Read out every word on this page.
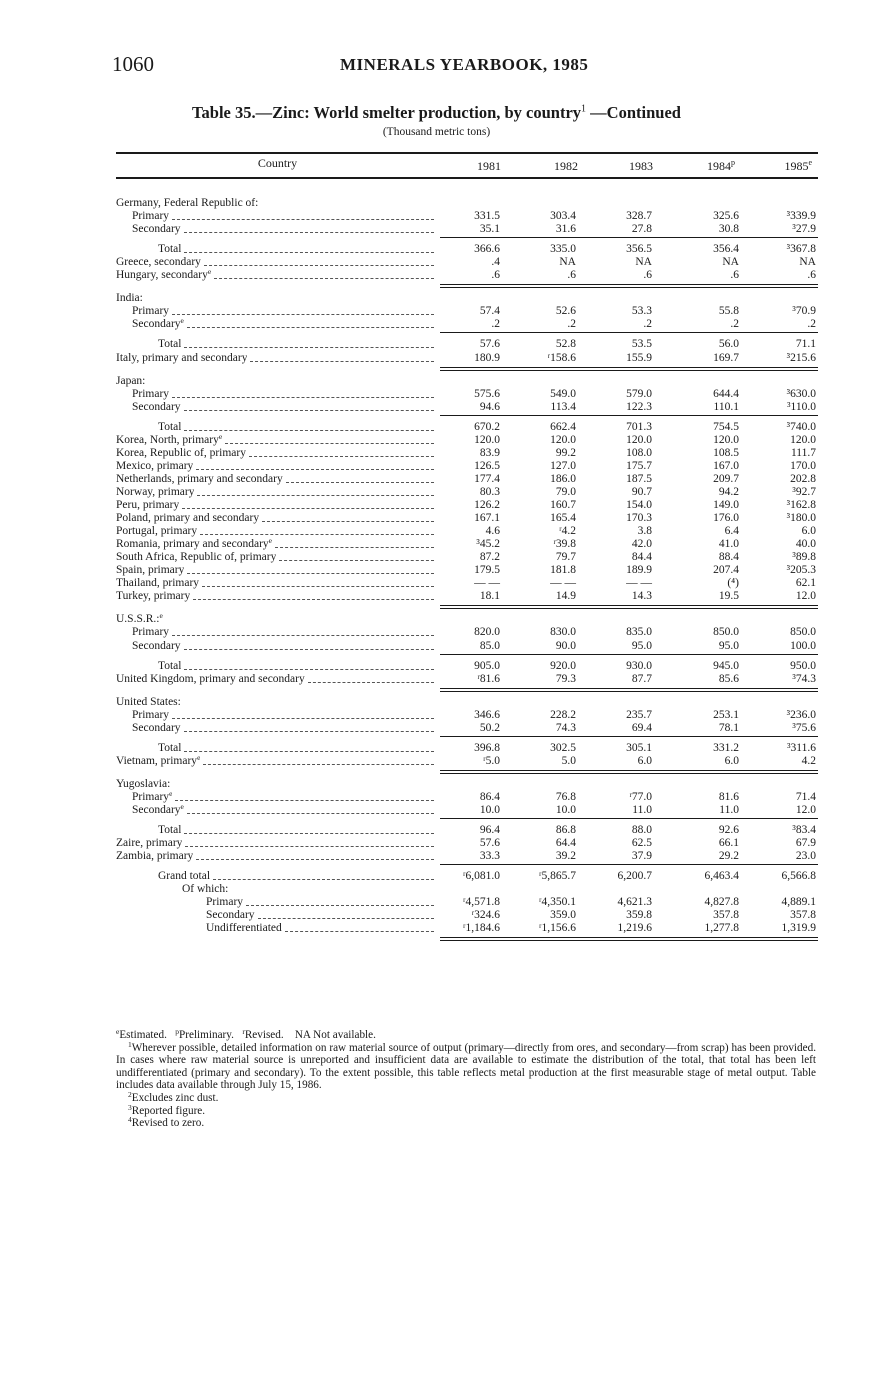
1060	MINERALS YEARBOOK, 1985
Table 35.—Zinc: World smelter production, by country$^1$ —Continued
(Thousand metric tons)
Country	1981	1982	1983	1984$^p$	1985e
Germany, Federal Republic of:
Primary	331.5	303.4	328.7	325.6	³339.9
Secondary	35.1	31.6	27.8	30.8	³27.9
Total	366.6	335.0	356.5	356.4	³367.8
Greece, secondary	.4	NA	NA	NA	NA
Hungary, secondary$^e$	.6	.6	.6	.6	.6
India:
Primary	57.4	52.6	53.3	55.8	³70.9
Secondary$^e$	.2	.2	.2	.2	.2
Total	57.6	52.8	53.5	56.0	71.1
Italy, primary and secondary	180.9	ʳ158.6	155.9	169.7	³215.6
Japan:
Primary	575.6	549.0	579.0	644.4	³630.0
Secondary	94.6	113.4	122.3	110.1	³110.0
Total	670.2	662.4	701.3	754.5	³740.0
Korea, North, primary$^e$	120.0	120.0	120.0	120.0	120.0
Korea, Republic of, primary	83.9	99.2	108.0	108.5	111.7
Mexico, primary	126.5	127.0	175.7	167.0	170.0
Netherlands, primary and secondary	177.4	186.0	187.5	209.7	202.8
Norway, primary	80.3	79.0	90.7	94.2	³92.7
Peru, primary	126.2	160.7	154.0	149.0	³162.8
Poland, primary and secondary	167.1	165.4	170.3	176.0	³180.0
Portugal, primary	4.6	ʳ4.2	3.8	6.4	6.0
Romania, primary and secondary$^e$	³45.2	ʳ39.8	42.0	41.0	40.0
South Africa, Republic of, primary	87.2	79.7	84.4	88.4	³89.8
Spain, primary	179.5	181.8	189.9	207.4	³205.3
Thailand, primary	— —	— —	— —	(⁴)	62.1
Turkey, primary	18.1	14.9	14.3	19.5	12.0
U.S.S.R.:$^e$
Primary	820.0	830.0	835.0	850.0	850.0
Secondary	85.0	90.0	95.0	95.0	100.0
Total	905.0	920.0	930.0	945.0	950.0
United Kingdom, primary and secondary	ʳ81.6	79.3	87.7	85.6	³74.3
United States:
Primary	346.6	228.2	235.7	253.1	³236.0
Secondary	50.2	74.3	69.4	78.1	³75.6
Total	396.8	302.5	305.1	331.2	³311.6
Vietnam, primary$^e$	ʳ5.0	5.0	6.0	6.0	4.2
Yugoslavia:
Primary$^e$	86.4	76.8	ʳ77.0	81.6	71.4
Secondary$^e$	10.0	10.0	11.0	11.0	12.0
Total	96.4	86.8	88.0	92.6	³83.4
Zaire, primary	57.6	64.4	62.5	66.1	67.9
Zambia, primary	33.3	39.2	37.9	29.2	23.0
Grand total	ʳ6,081.0	ʳ5,865.7	6,200.7	6,463.4	6,566.8
Of which:
Primary	ʳ4,571.8	ʳ4,350.1	4,621.3	4,827.8	4,889.1
Secondary	ʳ324.6	359.0	359.8	357.8	357.8
Undifferentiated	ʳ1,184.6	ʳ1,156.6	1,219.6	1,277.8	1,319.9

$^e$Estimated. $^p$Preliminary. $^r$Revised. NA Not available.

$^1$Wherever possible, detailed information on raw material source of output (primary—directly from ores, and secondary—from scrap) has been provided. In cases where raw material source is unreported and insufficient data are available to estimate the distribution of the total, that total has been left undifferentiated (primary and secondary). To the extent possible, this table reflects metal production at the first measurable stage of metal output. Table includes data available through July 15, 1986.

$^2$Excludes zinc dust.

$^3$Reported figure.

$^4$Revised to zero.
